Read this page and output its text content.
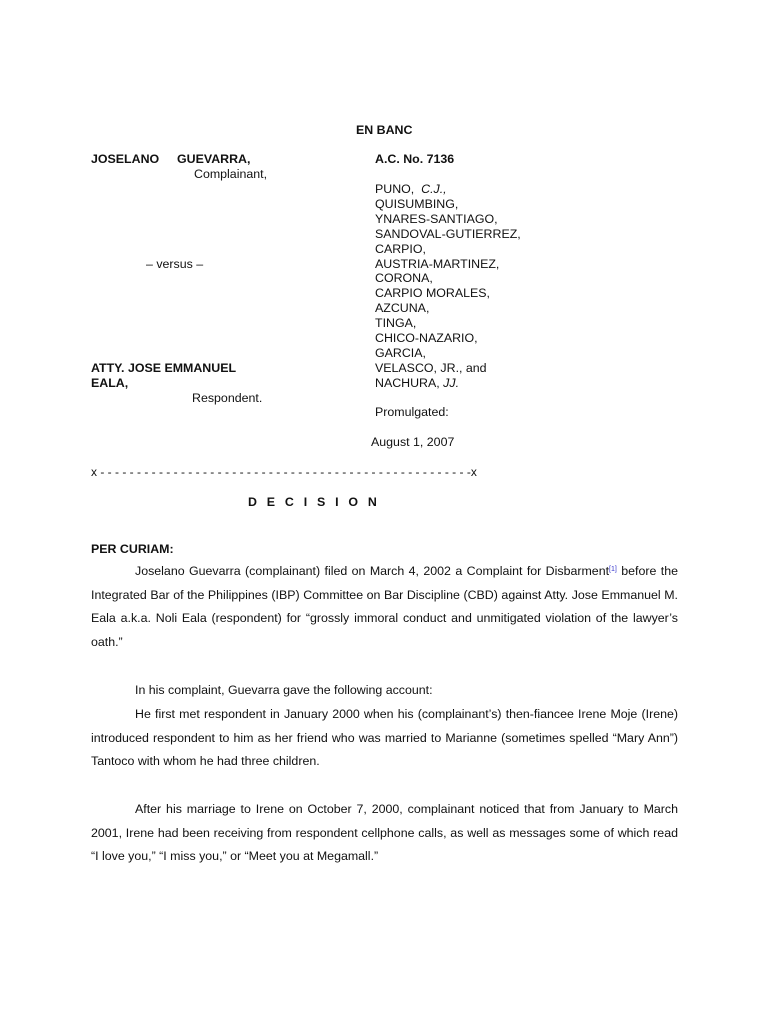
EN BANC
JOSELANO GUEVARRA,
Complainant,
– versus –
ATTY. JOSE EMMANUEL
EALA,
Respondent.
A.C. No. 7136
PUNO, C.J.,
QUISUMBING,
YNARES-SANTIAGO,
SANDOVAL-GUTIERREZ,
CARPIO,
AUSTRIA-MARTINEZ,
CORONA,
CARPIO MORALES,
AZCUNA,
TINGA,
CHICO-NAZARIO,
GARCIA,
VELASCO, JR., and
NACHURA, JJ.
Promulgated:
August 1, 2007
x - - - - - - - - - - - - - - - - - - - - - - - - - - - - - - - - - - - - - - - - - - - - - - - - - - -x
D E C I S I O N
PER CURIAM:
Joselano Guevarra (complainant) filed on March 4, 2002 a Complaint for Disbarment[1] before the Integrated Bar of the Philippines (IBP) Committee on Bar Discipline (CBD) against Atty. Jose Emmanuel M. Eala a.k.a. Noli Eala (respondent) for “grossly immoral conduct and unmitigated violation of the lawyer’s oath.”
In his complaint, Guevarra gave the following account:
He first met respondent in January 2000 when his (complainant’s) then-fiancee Irene Moje (Irene) introduced respondent to him as her friend who was married to Marianne (sometimes spelled “Mary Ann”) Tantoco with whom he had three children.
After his marriage to Irene on October 7, 2000, complainant noticed that from January to March 2001, Irene had been receiving from respondent cellphone calls, as well as messages some of which read “I love you,” “I miss you,” or “Meet you at Megamall.”
